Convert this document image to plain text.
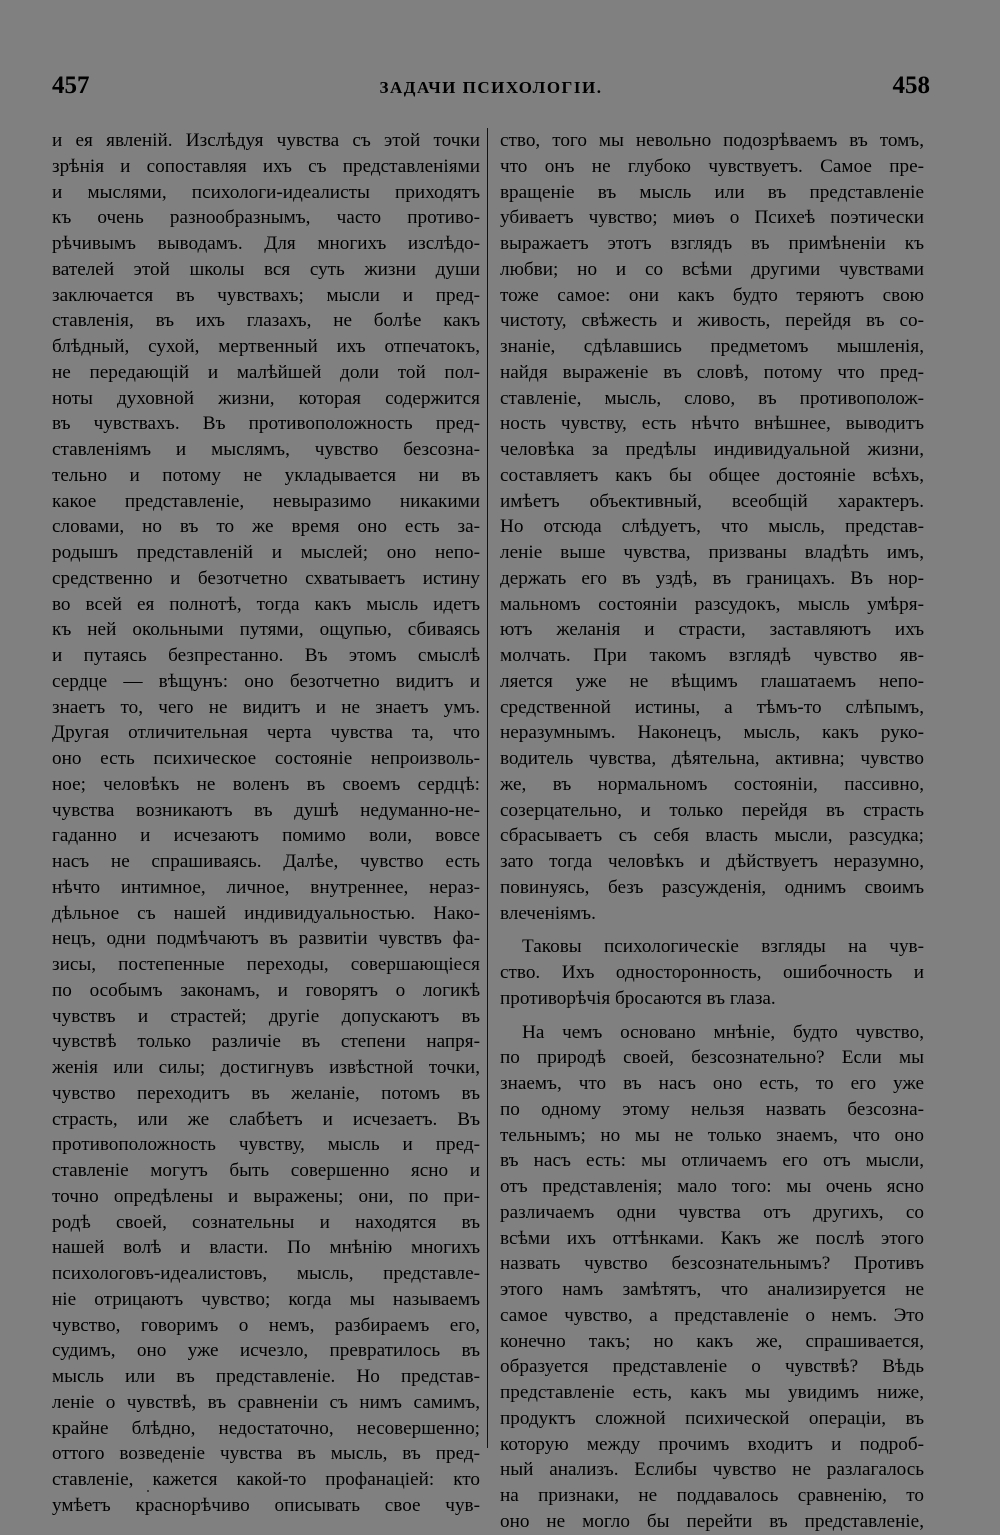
457	ЗАДАЧИ ПСИХОЛОГІИ.	458
и ея явленій. Изслѣдуя чувства съ этой точки
зрѣнія и сопоставляя ихъ съ представленіями
и мыслями, психологи-идеалисты приходятъ
къ очень разнообразнымъ, часто противо-
рѣчивымъ выводамъ. Для многихъ изслѣдо-
вателей этой школы вся суть жизни души
заключается въ чувствахъ; мысли и пред-
ставленія, въ ихъ глазахъ, не болѣе какъ
блѣдный, сухой, мертвенный ихъ отпечатокъ,
не передающій и малѣйшей доли той пол-
ноты духовной жизни, которая содержится
въ чувствахъ. Въ противоположность пред-
ставленіямъ и мыслямъ, чувство безсозна-
тельно и потому не укладывается ни въ
какое представленіе, невыразимо никакими
словами, но въ то же время оно есть за-
родышъ представленій и мыслей; оно непо-
средственно и безотчетно схватываетъ истину
во всей ея полнотѣ, тогда какъ мысль идетъ
къ ней окольными путями, ощупью, сбиваясь
и путаясь безпрестанно. Въ этомъ смыслѣ
сердце — вѣщунъ: оно безотчетно видитъ и
знаетъ то, чего не видитъ и не знаетъ умъ.
Другая отличительная черта чувства та, что
оно есть психическое состояніе непроизволь-
ное; человѣкъ не воленъ въ своемъ сердцѣ:
чувства возникаютъ въ душѣ недуманно-не-
гаданно и исчезаютъ помимо воли, вовсе
насъ не спрашиваясь. Далѣе, чувство есть
нѣчто интимное, личное, внутреннее, нераз-
дѣльное съ нашей индивидуальностью. Нако-
нецъ, одни подмѣчаютъ въ развитіи чувствъ фа-
зисы, постепенные переходы, совершающіеся
по особымъ законамъ, и говорятъ о логикѣ
чувствъ и страстей; другіе допускаютъ въ
чувствѣ только различіе въ степени напря-
женія или силы; достигнувъ извѣстной точки,
чувство переходитъ въ желаніе, потомъ въ
страсть, или же слабѣетъ и исчезаетъ. Въ
противоположность чувству, мысль и пред-
ставленіе могутъ быть совершенно ясно и
точно опредѣлены и выражены; они, по при-
родѣ своей, сознательны и находятся въ
нашей волѣ и власти. По мнѣнію многихъ
психологовъ-идеалистовъ, мысль, представле-
ніе отрицаютъ чувство; когда мы называемъ
чувство, говоримъ о немъ, разбираемъ его,
судимъ, оно уже исчезло, превратилось въ
мысль или въ представленіе. Но представ-
леніе о чувствѣ, въ сравненіи съ нимъ самимъ,
крайне блѣдно, недостаточно, несовершенно;
оттого возведеніе чувства въ мысль, въ пред-
ставленіе, кажется какой-то профанаціей: кто
умѣетъ краснорѣчиво описывать свое чув-
ство, того мы невольно подозрѣваемъ въ томъ,
что онъ не глубоко чувствуетъ. Самое пре-
вращеніе въ мысль или въ представленіе
убиваетъ чувство; миѳъ о Психеѣ поэтически
выражаетъ этотъ взглядъ въ примѣненіи къ
любви; но и со всѣми другими чувствами
тоже самое: они какъ будто теряютъ свою
чистоту, свѣжесть и живость, перейдя въ со-
знаніе, сдѣлавшись предметомъ мышленія,
найдя выраженіе въ словѣ, потому что пред-
ставленіе, мысль, слово, въ противополож-
ность чувству, есть нѣчто внѣшнее, выводитъ
человѣка за предѣлы индивидуальной жизни,
составляетъ какъ бы общее достояніе всѣхъ,
имѣетъ объективный, всеобщій характеръ.
Но отсюда слѣдуетъ, что мысль, представ-
леніе выше чувства, призваны владѣть имъ,
держать его въ уздѣ, въ границахъ. Въ нор-
мальномъ состояніи разсудокъ, мысль умѣря-
ютъ желанія и страсти, заставляютъ ихъ
молчать. При такомъ взглядѣ чувство яв-
ляется уже не вѣщимъ глашатаемъ непо-
средственной истины, а тѣмъ-то слѣпымъ,
неразумнымъ. Наконецъ, мысль, какъ руко-
водитель чувства, дѣятельна, активна; чувство
же, въ нормальномъ состояніи, пассивно,
созерцательно, и только перейдя въ страсть
сбрасываетъ съ себя власть мысли, разсудка;
зато тогда человѣкъ и дѣйствуетъ неразумно,
повинуясь, безъ разсужденія, однимъ своимъ
влеченіямъ.
Таковы психологическіе взгляды на чув-
ство. Ихъ односторонность, ошибочность и
противорѣчія бросаются въ глаза.
На чемъ основано мнѣніе, будто чувство,
по природѣ своей, безсознательно? Если мы
знаемъ, что въ насъ оно есть, то его уже
по одному этому нельзя назвать безсозна-
тельнымъ; но мы не только знаемъ, что оно
въ насъ есть: мы отличаемъ его отъ мысли,
отъ представленія; мало того: мы очень ясно
различаемъ одни чувства отъ другихъ, со
всѣми ихъ оттѣнками. Какъ же послѣ этого
назвать чувство безсознательнымъ? Противъ
этого намъ замѣтятъ, что анализируется не
самое чувство, а представленіе о немъ. Это
конечно такъ; но какъ же, спрашивается,
образуется представленіе о чувствѣ? Вѣдь
представленіе есть, какъ мы увидимъ ниже,
продуктъ сложной психической операціи, въ
которую между прочимъ входитъ и подроб-
ный анализъ. Еслибы чувство не разлагалось
на признаки, не поддавалось сравненію, то
оно не могло бы перейти въ представленіе,
